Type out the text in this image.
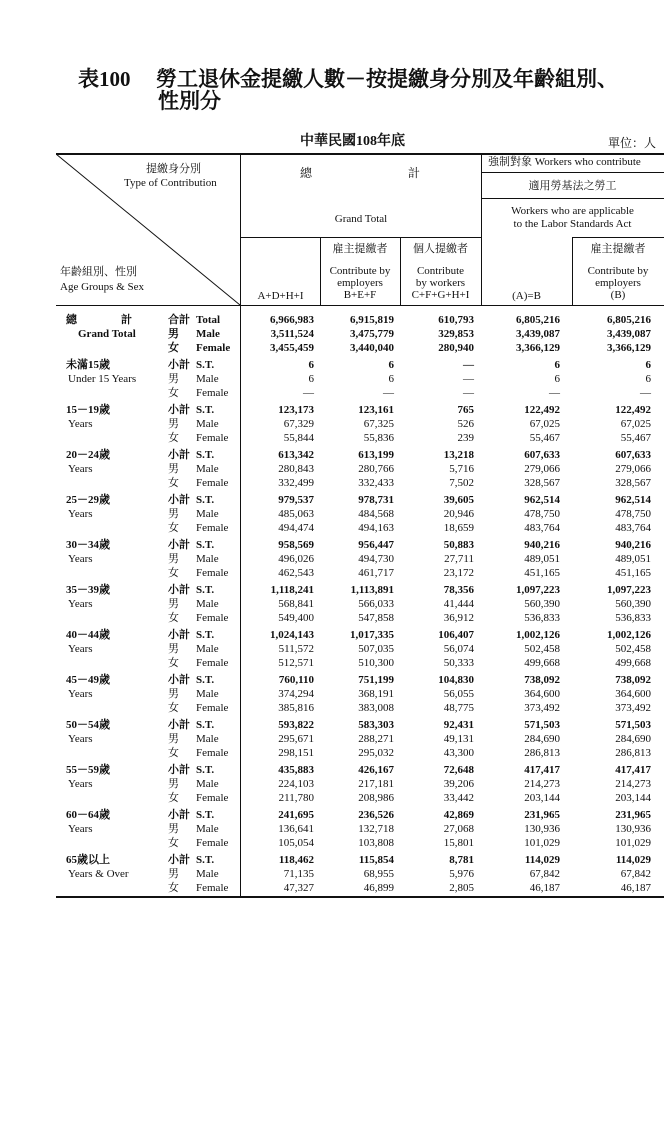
表100 勞工退休金提繳人數－按提繳身分別及年齡組別、
性別分
中華民國108年底	單位：人
提繳身分別
Type of Contribution
年齡組別、性別
Age Groups & Sex
總	計
Grand Total
A+D+H+I
雇主提繳者
Contribute by
employers
B+E+F
個人提繳者
Contribute
by workers
C+F+G+H+I
強制對象 Workers who contribute
適用勞基法之勞工
Workers who are applicable
to the Labor Standards Act
(A)=B
雇主提繳者
Contribute by
employers
(B)
總　　　　計	合計 Total	6,966,983	6,915,819	610,793	6,805,216	6,805,216
Grand Total	男 Male	3,511,524	3,475,779	329,853	3,439,087	3,439,087
女 Female	3,455,459	3,440,040	280,940	3,366,129	3,366,129
未滿15歲	小計 S.T.	6	6	—	6	6
Under 15 Years	男 Male	6	6	—	6	6
女 Female	—	—	—	—	—
15－19歲	小計 S.T.	123,173	123,161	765	122,492	122,492
Years	男 Male	67,329	67,325	526	67,025	67,025
女 Female	55,844	55,836	239	55,467	55,467
20－24歲	小計 S.T.	613,342	613,199	13,218	607,633	607,633
Years	男 Male	280,843	280,766	5,716	279,066	279,066
女 Female	332,499	332,433	7,502	328,567	328,567
25－29歲	小計 S.T.	979,537	978,731	39,605	962,514	962,514
Years	男 Male	485,063	484,568	20,946	478,750	478,750
女 Female	494,474	494,163	18,659	483,764	483,764
30－34歲	小計 S.T.	958,569	956,447	50,883	940,216	940,216
Years	男 Male	496,026	494,730	27,711	489,051	489,051
女 Female	462,543	461,717	23,172	451,165	451,165
35－39歲	小計 S.T.	1,118,241	1,113,891	78,356	1,097,223	1,097,223
Years	男 Male	568,841	566,033	41,444	560,390	560,390
女 Female	549,400	547,858	36,912	536,833	536,833
40－44歲	小計 S.T.	1,024,143	1,017,335	106,407	1,002,126	1,002,126
Years	男 Male	511,572	507,035	56,074	502,458	502,458
女 Female	512,571	510,300	50,333	499,668	499,668
45－49歲	小計 S.T.	760,110	751,199	104,830	738,092	738,092
Years	男 Male	374,294	368,191	56,055	364,600	364,600
女 Female	385,816	383,008	48,775	373,492	373,492
50－54歲	小計 S.T.	593,822	583,303	92,431	571,503	571,503
Years	男 Male	295,671	288,271	49,131	284,690	284,690
女 Female	298,151	295,032	43,300	286,813	286,813
55－59歲	小計 S.T.	435,883	426,167	72,648	417,417	417,417
Years	男 Male	224,103	217,181	39,206	214,273	214,273
女 Female	211,780	208,986	33,442	203,144	203,144
60－64歲	小計 S.T.	241,695	236,526	42,869	231,965	231,965
Years	男 Male	136,641	132,718	27,068	130,936	130,936
女 Female	105,054	103,808	15,801	101,029	101,029
65歲以上	小計 S.T.	118,462	115,854	8,781	114,029	114,029
Years & Over	男 Male	71,135	68,955	5,976	67,842	67,842
女 Female	47,327	46,899	2,805	46,187	46,187
